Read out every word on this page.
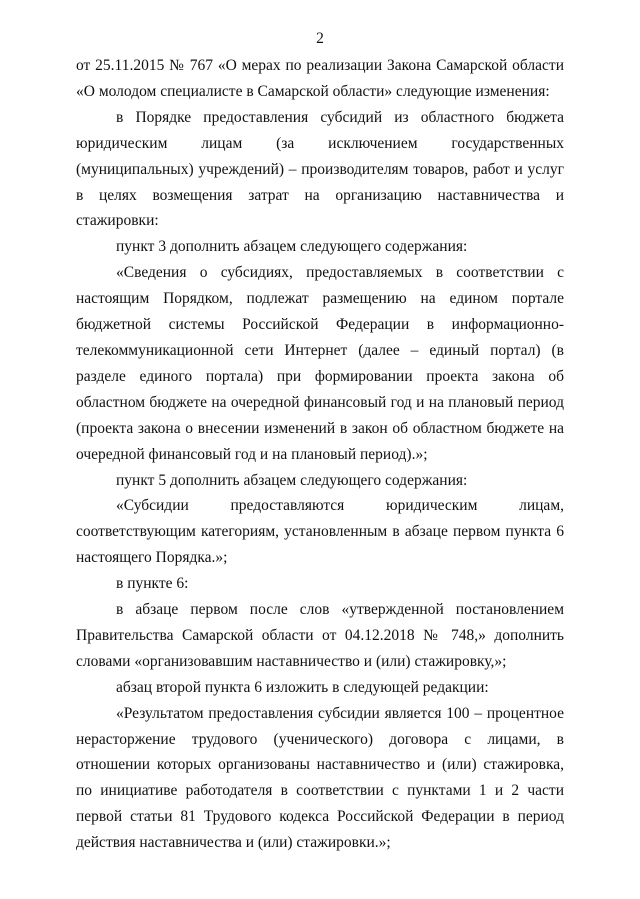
2

от 25.11.2015 № 767 «О мерах по реализации Закона Самарской области «О молодом специалисте в Самарской области» следующие изменения:

в Порядке предоставления субсидий из областного бюджета юридическим лицам (за исключением государственных (муниципальных) учреждений) – производителям товаров, работ и услуг в целях возмещения затрат на организацию наставничества и стажировки:

пункт 3 дополнить абзацем следующего содержания:

«Сведения о субсидиях, предоставляемых в соответствии с настоящим Порядком, подлежат размещению на едином портале бюджетной системы Российской Федерации в информационно-телекоммуникационной сети Интернет (далее – единый портал) (в разделе единого портала) при формировании проекта закона об областном бюджете на очередной финансовый год и на плановый период (проекта закона о внесении изменений в закон об областном бюджете на очередной финансовый год и на плановый период).»;

пункт 5 дополнить абзацем следующего содержания:

«Субсидии предоставляются юридическим лицам, соответствующим категориям, установленным в абзаце первом пункта 6 настоящего Порядка.»;

в пункте 6:

в абзаце первом после слов «утвержденной постановлением Правительства Самарской области от 04.12.2018 № 748,» дополнить словами «организовавшим наставничество и (или) стажировку,»;

абзац второй пункта 6 изложить в следующей редакции:

«Результатом предоставления субсидии является 100 – процентное нерасторжение трудового (ученического) договора с лицами, в отношении которых организованы наставничество и (или) стажировка, по инициативе работодателя в соответствии с пунктами 1 и 2 части первой статьи 81 Трудового кодекса Российской Федерации в период действия наставничества и (или) стажировки.»;
